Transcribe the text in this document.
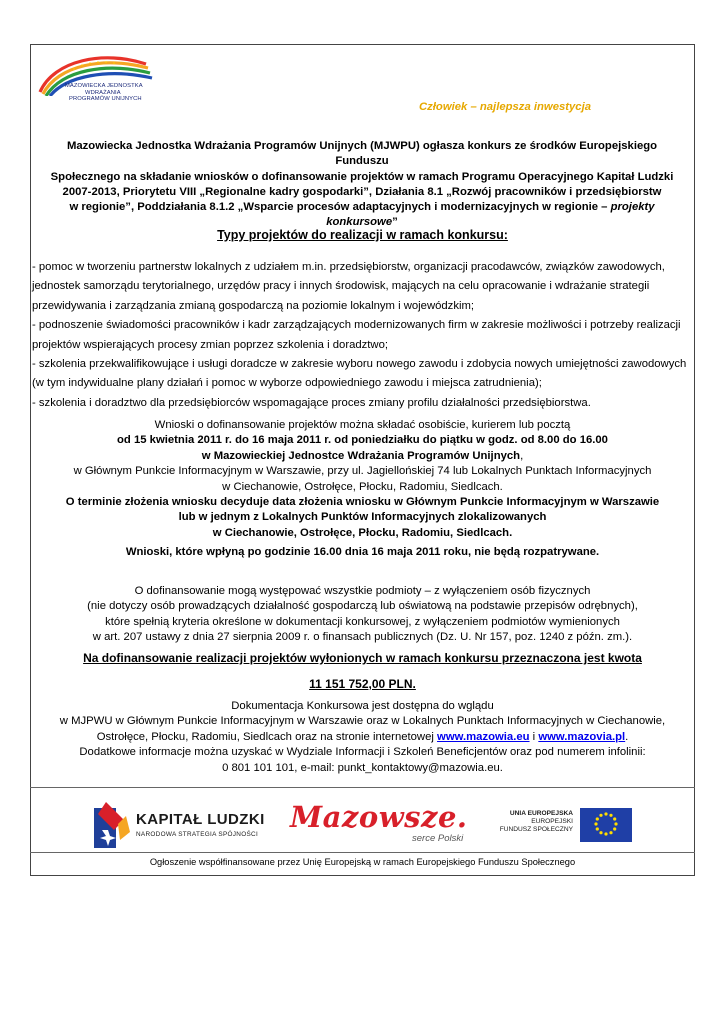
MAZOWIECKA JEDNOSTKA
WDRAŻANIA
PROGRAMÓW UNIJNYCH
Człowiek – najlepsza inwestycja

Mazowiecka Jednostka Wdrażania Programów Unijnych (MJWPU) ogłasza konkurs ze środków Europejskiego Funduszu

Społecznego na składanie wniosków o dofinansowanie projektów w ramach Programu Operacyjnego Kapitał Ludzki

2007-2013, Priorytetu VIII „Regionalne kadry gospodarki”, Działania 8.1 „Rozwój pracowników i przedsiębiorstw

w regionie”, Poddziałania 8.1.2 „Wsparcie procesów adaptacyjnych i modernizacyjnych w regionie – projekty

konkursowe”

Typy projektów do realizacji w ramach konkursu:
- pomoc w tworzeniu partnerstw lokalnych z udziałem m.in. przedsiębiorstw, organizacji pracodawców, związków zawodowych,
jednostek samorządu terytorialnego, urzędów pracy i innych środowisk, mających na celu opracowanie i wdrażanie strategii
przewidywania i zarządzania zmianą gospodarczą na poziomie lokalnym i wojewódzkim;
- podnoszenie świadomości pracowników i kadr zarządzających modernizowanych firm w zakresie możliwości i potrzeby realizacji
projektów wspierających procesy zmian poprzez szkolenia i doradztwo;
- szkolenia przekwalifikowujące i usługi doradcze w zakresie wyboru nowego zawodu i zdobycia nowych umiejętności zawodowych
(w tym indywidualne plany działań i pomoc w wyborze odpowiedniego zawodu i miejsca zatrudnienia);
- szkolenia i doradztwo dla przedsiębiorców wspomagające proces zmiany profilu działalności przedsiębiorstwa.
Wnioski o dofinansowanie projektów można składać osobiście, kurierem lub pocztą
od 15 kwietnia 2011 r. do 16 maja 2011 r. od poniedziałku do piątku w godz. od 8.00 do 16.00
w Mazowieckiej Jednostce Wdrażania Programów Unijnych,
w Głównym Punkcie Informacyjnym w Warszawie, przy ul. Jagiellońskiej 74 lub Lokalnych Punktach Informacyjnych
w Ciechanowie, Ostrołęce, Płocku, Radomiu, Siedlcach.
O terminie złożenia wniosku decyduje data złożenia wniosku w Głównym Punkcie Informacyjnym w Warszawie
lub w jednym z Lokalnych Punktów Informacyjnych zlokalizowanych
w Ciechanowie, Ostrołęce, Płocku, Radomiu, Siedlcach.
Wnioski, które wpłyną po godzinie 16.00 dnia 16 maja 2011 roku, nie będą rozpatrywane.
O dofinansowanie mogą występować wszystkie podmioty – z wyłączeniem osób fizycznych
(nie dotyczy osób prowadzących działalność gospodarczą lub oświatową na podstawie przepisów odrębnych),
które spełnią kryteria określone w dokumentacji konkursowej, z wyłączeniem podmiotów wymienionych
w art. 207 ustawy z dnia 27 sierpnia 2009 r. o finansach publicznych (Dz. U. Nr 157, poz. 1240 z późn. zm.).
Na dofinansowanie realizacji projektów wyłonionych w ramach konkursu przeznaczona jest kwota
11 151 752,00 PLN.
Dokumentacja Konkursowa jest dostępna do wglądu
w MJPWU w Głównym Punkcie Informacyjnym w Warszawie oraz w Lokalnych Punktach Informacyjnych w Ciechanowie,
Ostrołęce, Płocku, Radomiu, Siedlcach oraz na stronie internetowej www.mazowia.eu i www.mazovia.pl.
Dodatkowe informacje można uzyskać w Wydziale Informacji i Szkoleń Beneficjentów oraz pod numerem infolinii:
0 801 101 101, e-mail: punkt_kontaktowy@mazowia.eu.
KAPITAŁ LUDZKI
NARODOWA STRATEGIA SPÓJNOŚCI
Mazowsze.
serce Polski
UNIA EUROPEJSKA
EUROPEJSKI
FUNDUSZ SPOŁECZNY
Ogłoszenie współfinansowane przez Unię Europejską w ramach Europejskiego Funduszu Społecznego
